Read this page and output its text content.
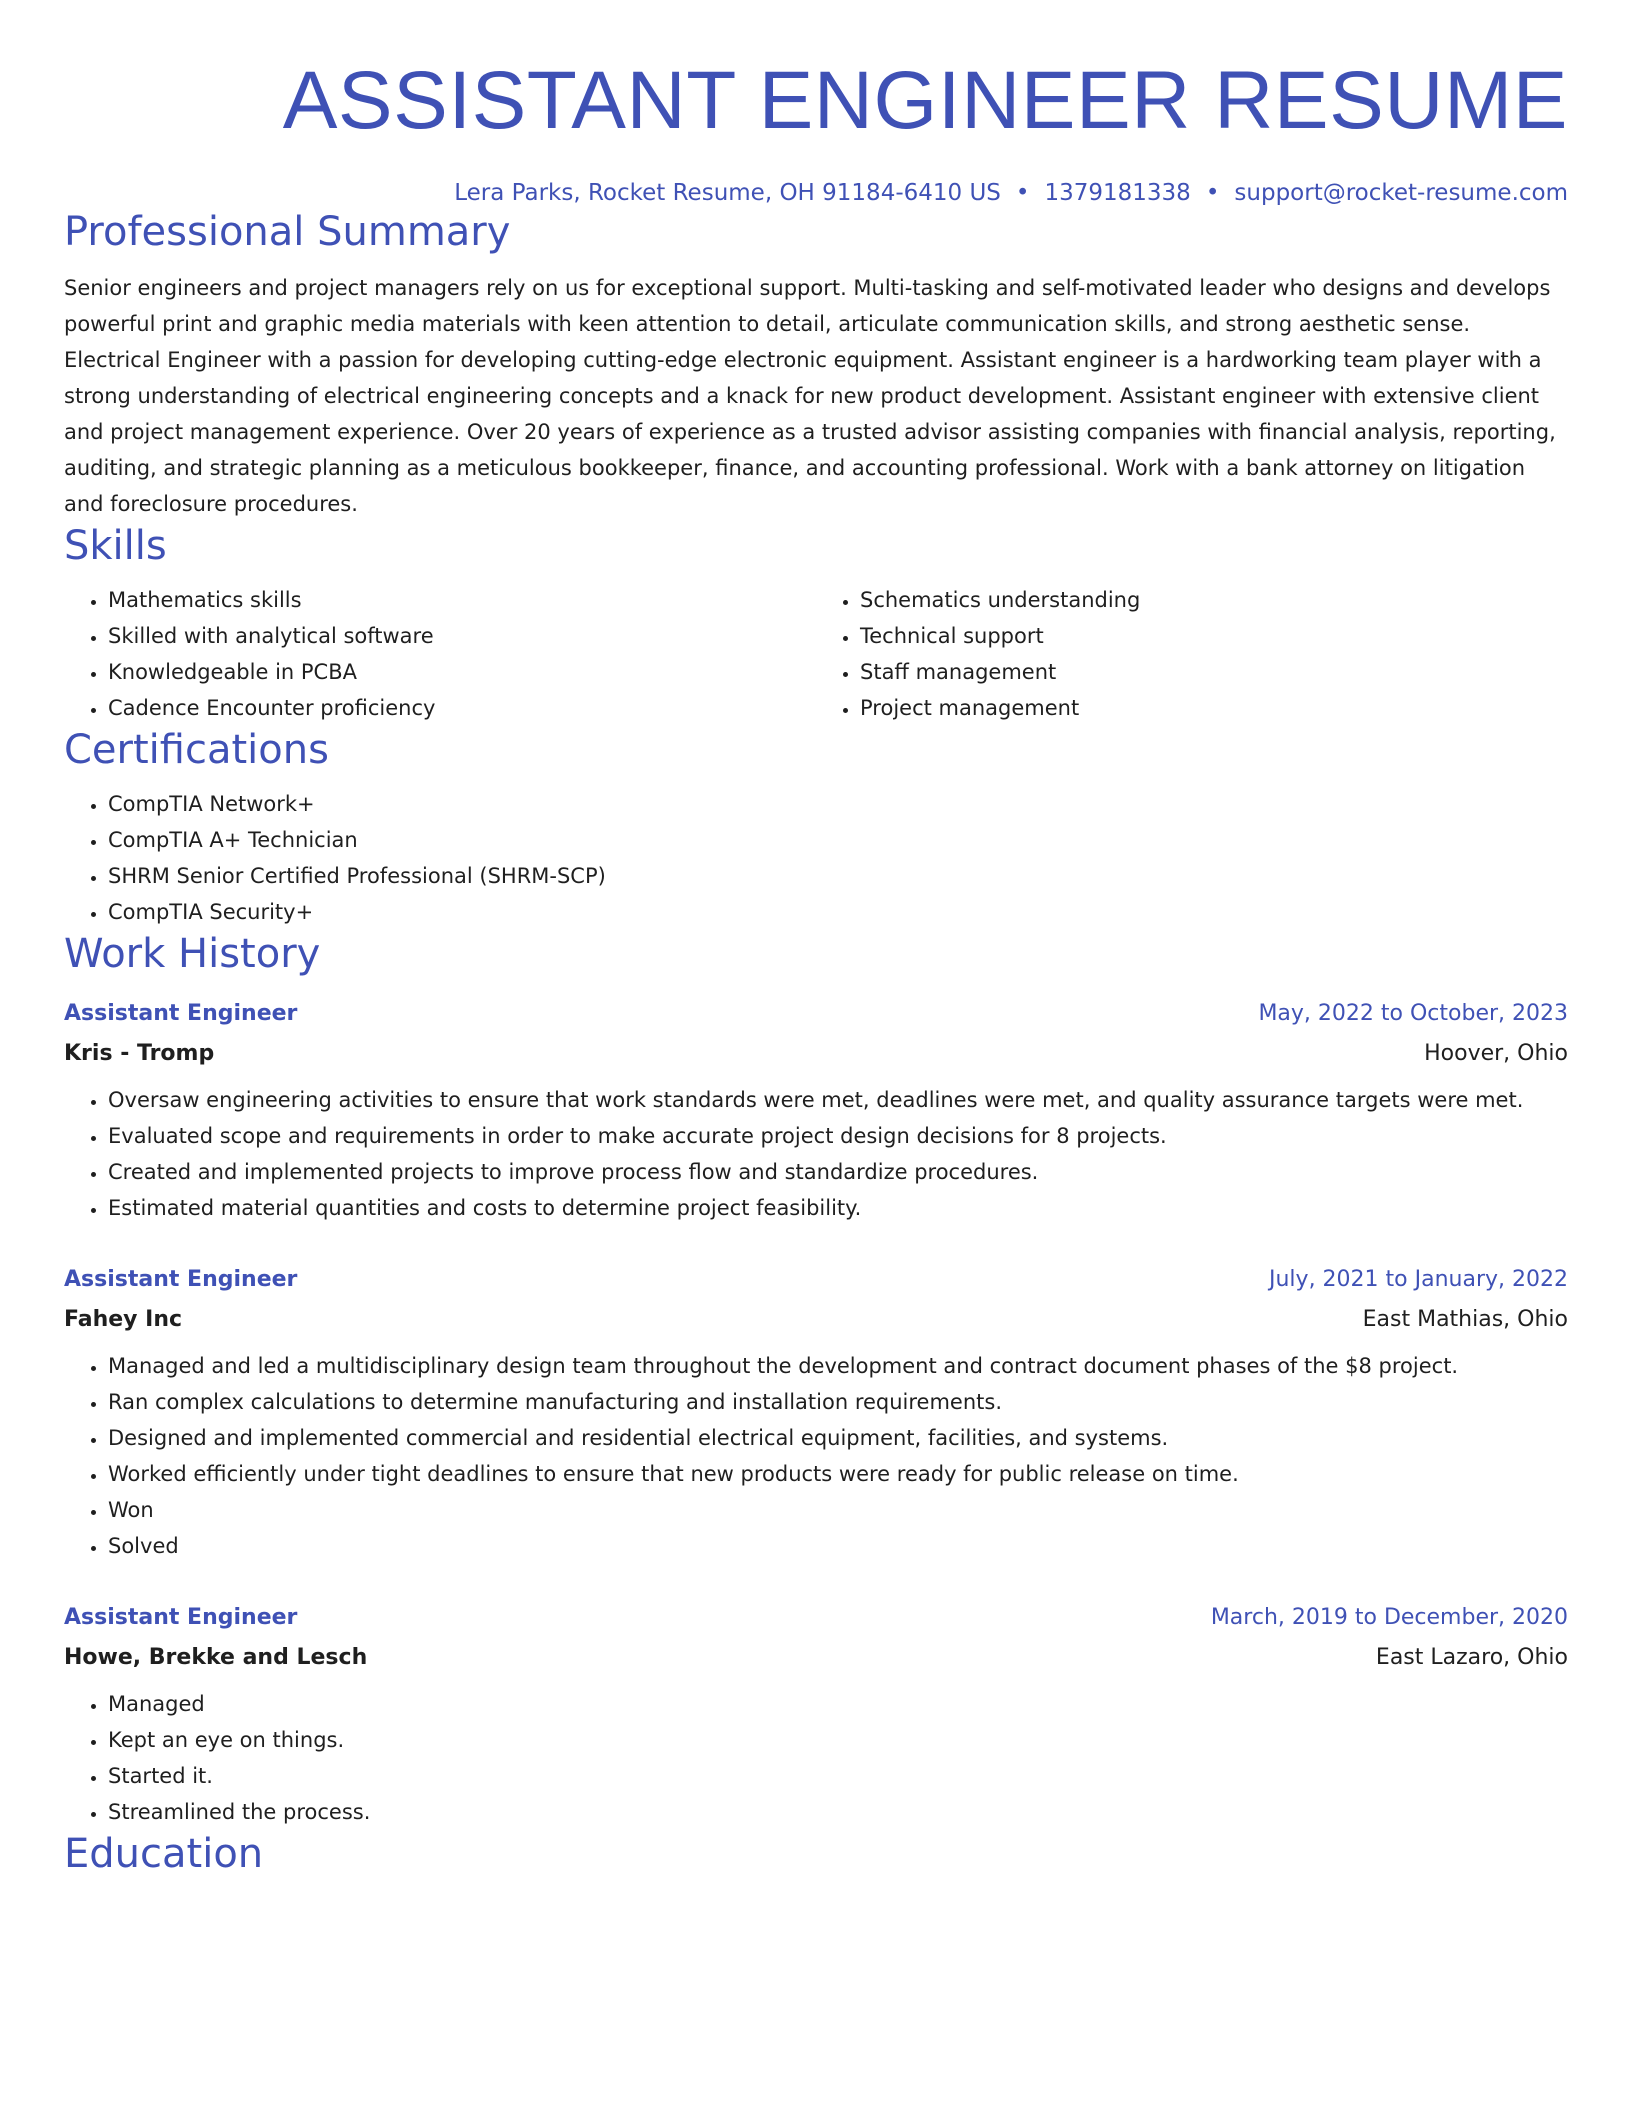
ASSISTANT ENGINEER RESUME
Lera Parks, Rocket Resume, OH 91184-6410 US • 1379181338 • support@rocket-resume.com
Professional Summary

Senior engineers and project managers rely on us for exceptional support. Multi-tasking and self-motivated leader who designs and develops powerful print and graphic media materials with keen attention to detail, articulate communication skills, and strong aesthetic sense. Electrical Engineer with a passion for developing cutting-edge electronic equipment. Assistant engineer is a hardworking team player with a strong understanding of electrical engineering concepts and a knack for new product development. Assistant engineer with extensive client and project management experience. Over 20 years of experience as a trusted advisor assisting companies with financial analysis, reporting, auditing, and strategic planning as a meticulous bookkeeper, finance, and accounting professional. Work with a bank attorney on litigation and foreclosure procedures.

Skills
• Mathematics skills
• Skilled with analytical software
• Knowledgeable in PCBA
• Cadence Encounter proficiency
• Schematics understanding
• Technical support
• Staff management
• Project management
Certifications
• CompTIA Network+
• CompTIA A+ Technician
• SHRM Senior Certified Professional (SHRM-SCP)
• CompTIA Security+
Work History
Assistant Engineer	May, 2022 to October, 2023
Kris - Tromp	Hoover, Ohio
• Oversaw engineering activities to ensure that work standards were met, deadlines were met, and quality assurance targets were met.
• Evaluated scope and requirements in order to make accurate project design decisions for 8 projects.
• Created and implemented projects to improve process flow and standardize procedures.
• Estimated material quantities and costs to determine project feasibility.
Assistant Engineer	July, 2021 to January, 2022
Fahey Inc	East Mathias, Ohio
• Managed and led a multidisciplinary design team throughout the development and contract document phases of the $8 project.
• Ran complex calculations to determine manufacturing and installation requirements.
• Designed and implemented commercial and residential electrical equipment, facilities, and systems.
• Worked efficiently under tight deadlines to ensure that new products were ready for public release on time.
• Won
• Solved
Assistant Engineer	March, 2019 to December, 2020
Howe, Brekke and Lesch	East Lazaro, Ohio
• Managed
• Kept an eye on things.
• Started it.
• Streamlined the process.
Education
